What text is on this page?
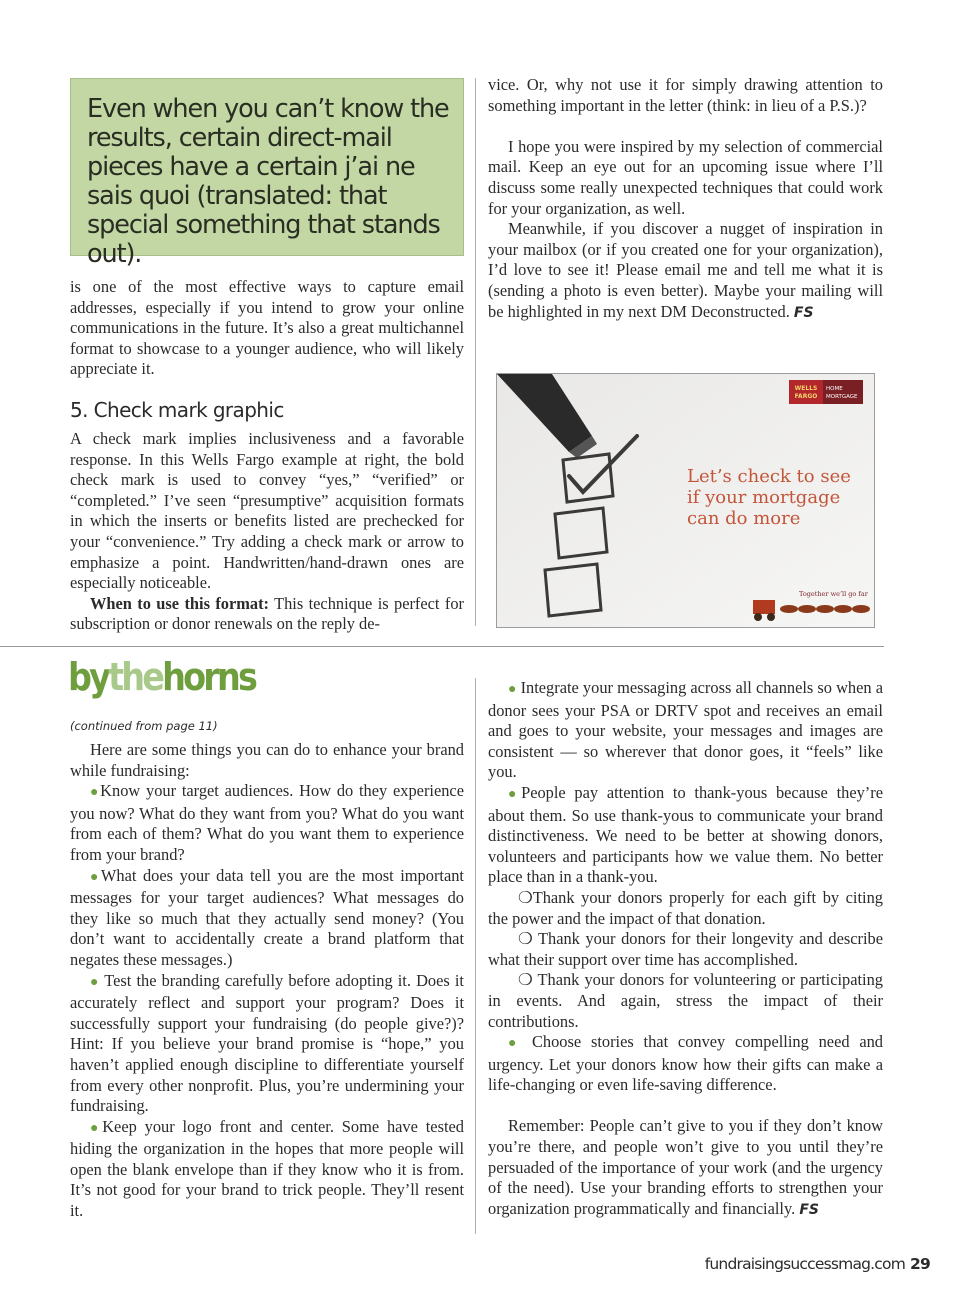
Even when you can’t know the results, certain direct-mail pieces have a certain j’ai ne sais quoi (translated: that special something that stands out).

is one of the most effective ways to capture email addresses, especially if you intend to grow your online communications in the future. It’s also a great multichannel format to showcase to a younger audience, who will likely appreciate it.

5. Check mark graphic

A check mark implies inclusiveness and a favorable response. In this Wells Fargo example at right, the bold check mark is used to convey “yes,” “verified” or “completed.” I’ve seen “presumptive” acquisition formats in which the inserts or benefits listed are prechecked for your “convenience.” Try adding a check mark or arrow to emphasize a point. Handwritten/hand-drawn ones are especially noticeable.

When to use this format: This technique is perfect for subscription or donor renewals on the reply de-

vice. Or, why not use it for simply drawing attention to something important in the letter (think: in lieu of a P.S.)?

I hope you were inspired by my selection of commercial mail. Keep an eye out for an upcoming issue where I’ll discuss some really unexpected techniques that could work for your organization, as well.

Meanwhile, if you discover a nugget of inspiration in your mailbox (or if you created one for your organization), I’d love to see it! Please email me and tell me what it is (sending a photo is even better). Maybe your mailing will be highlighted in my next DM Deconstructed. FS

WELLS
FARGO
HOME
MORTGAGE
Let’s check to see
if your mortgage
can do more
Together we’ll go far
bythehorns
(continued from page 11)

Here are some things you can do to enhance your brand while fundraising:

●Know your target audiences. How do they experience you now? What do they want from you? What do you want from each of them? What do you want them to experience from your brand?

●What does your data tell you are the most important messages for your target audiences? What messages do they like so much that they actually send money? (You don’t want to accidentally create a brand platform that negates these messages.)

● Test the branding carefully before adopting it. Does it accurately reflect and support your program? Does it successfully support your fundraising (do people give?)? Hint: If you believe your brand promise is “hope,” you haven’t applied enough discipline to differentiate yourself from every other nonprofit. Plus, you’re undermining your fundraising.

●Keep your logo front and center. Some have tested hiding the organization in the hopes that more people will open the blank envelope than if they know who it is from. It’s not good for your brand to trick people. They’ll resent it.

● Integrate your messaging across all channels so when a donor sees your PSA or DRTV spot and receives an email and goes to your website, your messages and images are consistent — so wherever that donor goes, it “feels” like you.

●People pay attention to thank-yous because they’re about them. So use thank-yous to communicate your brand distinctiveness. We need to be better at showing donors, volunteers and participants how we value them. No better place than in a thank-you.

❍Thank your donors properly for each gift by citing the power and the impact of that donation.

❍ Thank your donors for their longevity and describe what their support over time has accomplished.

❍ Thank your donors for volunteering or participating in events. And again, stress the impact of their contributions.

● Choose stories that convey compelling need and urgency. Let your donors know how their gifts can make a life-changing or even life-saving difference.

Remember: People can’t give to you if they don’t know you’re there, and people won’t give to you until they’re persuaded of the importance of your work (and the urgency of the need). Use your branding efforts to strengthen your organization programmatically and financially. FS

fundraisingsuccessmag.com 29
